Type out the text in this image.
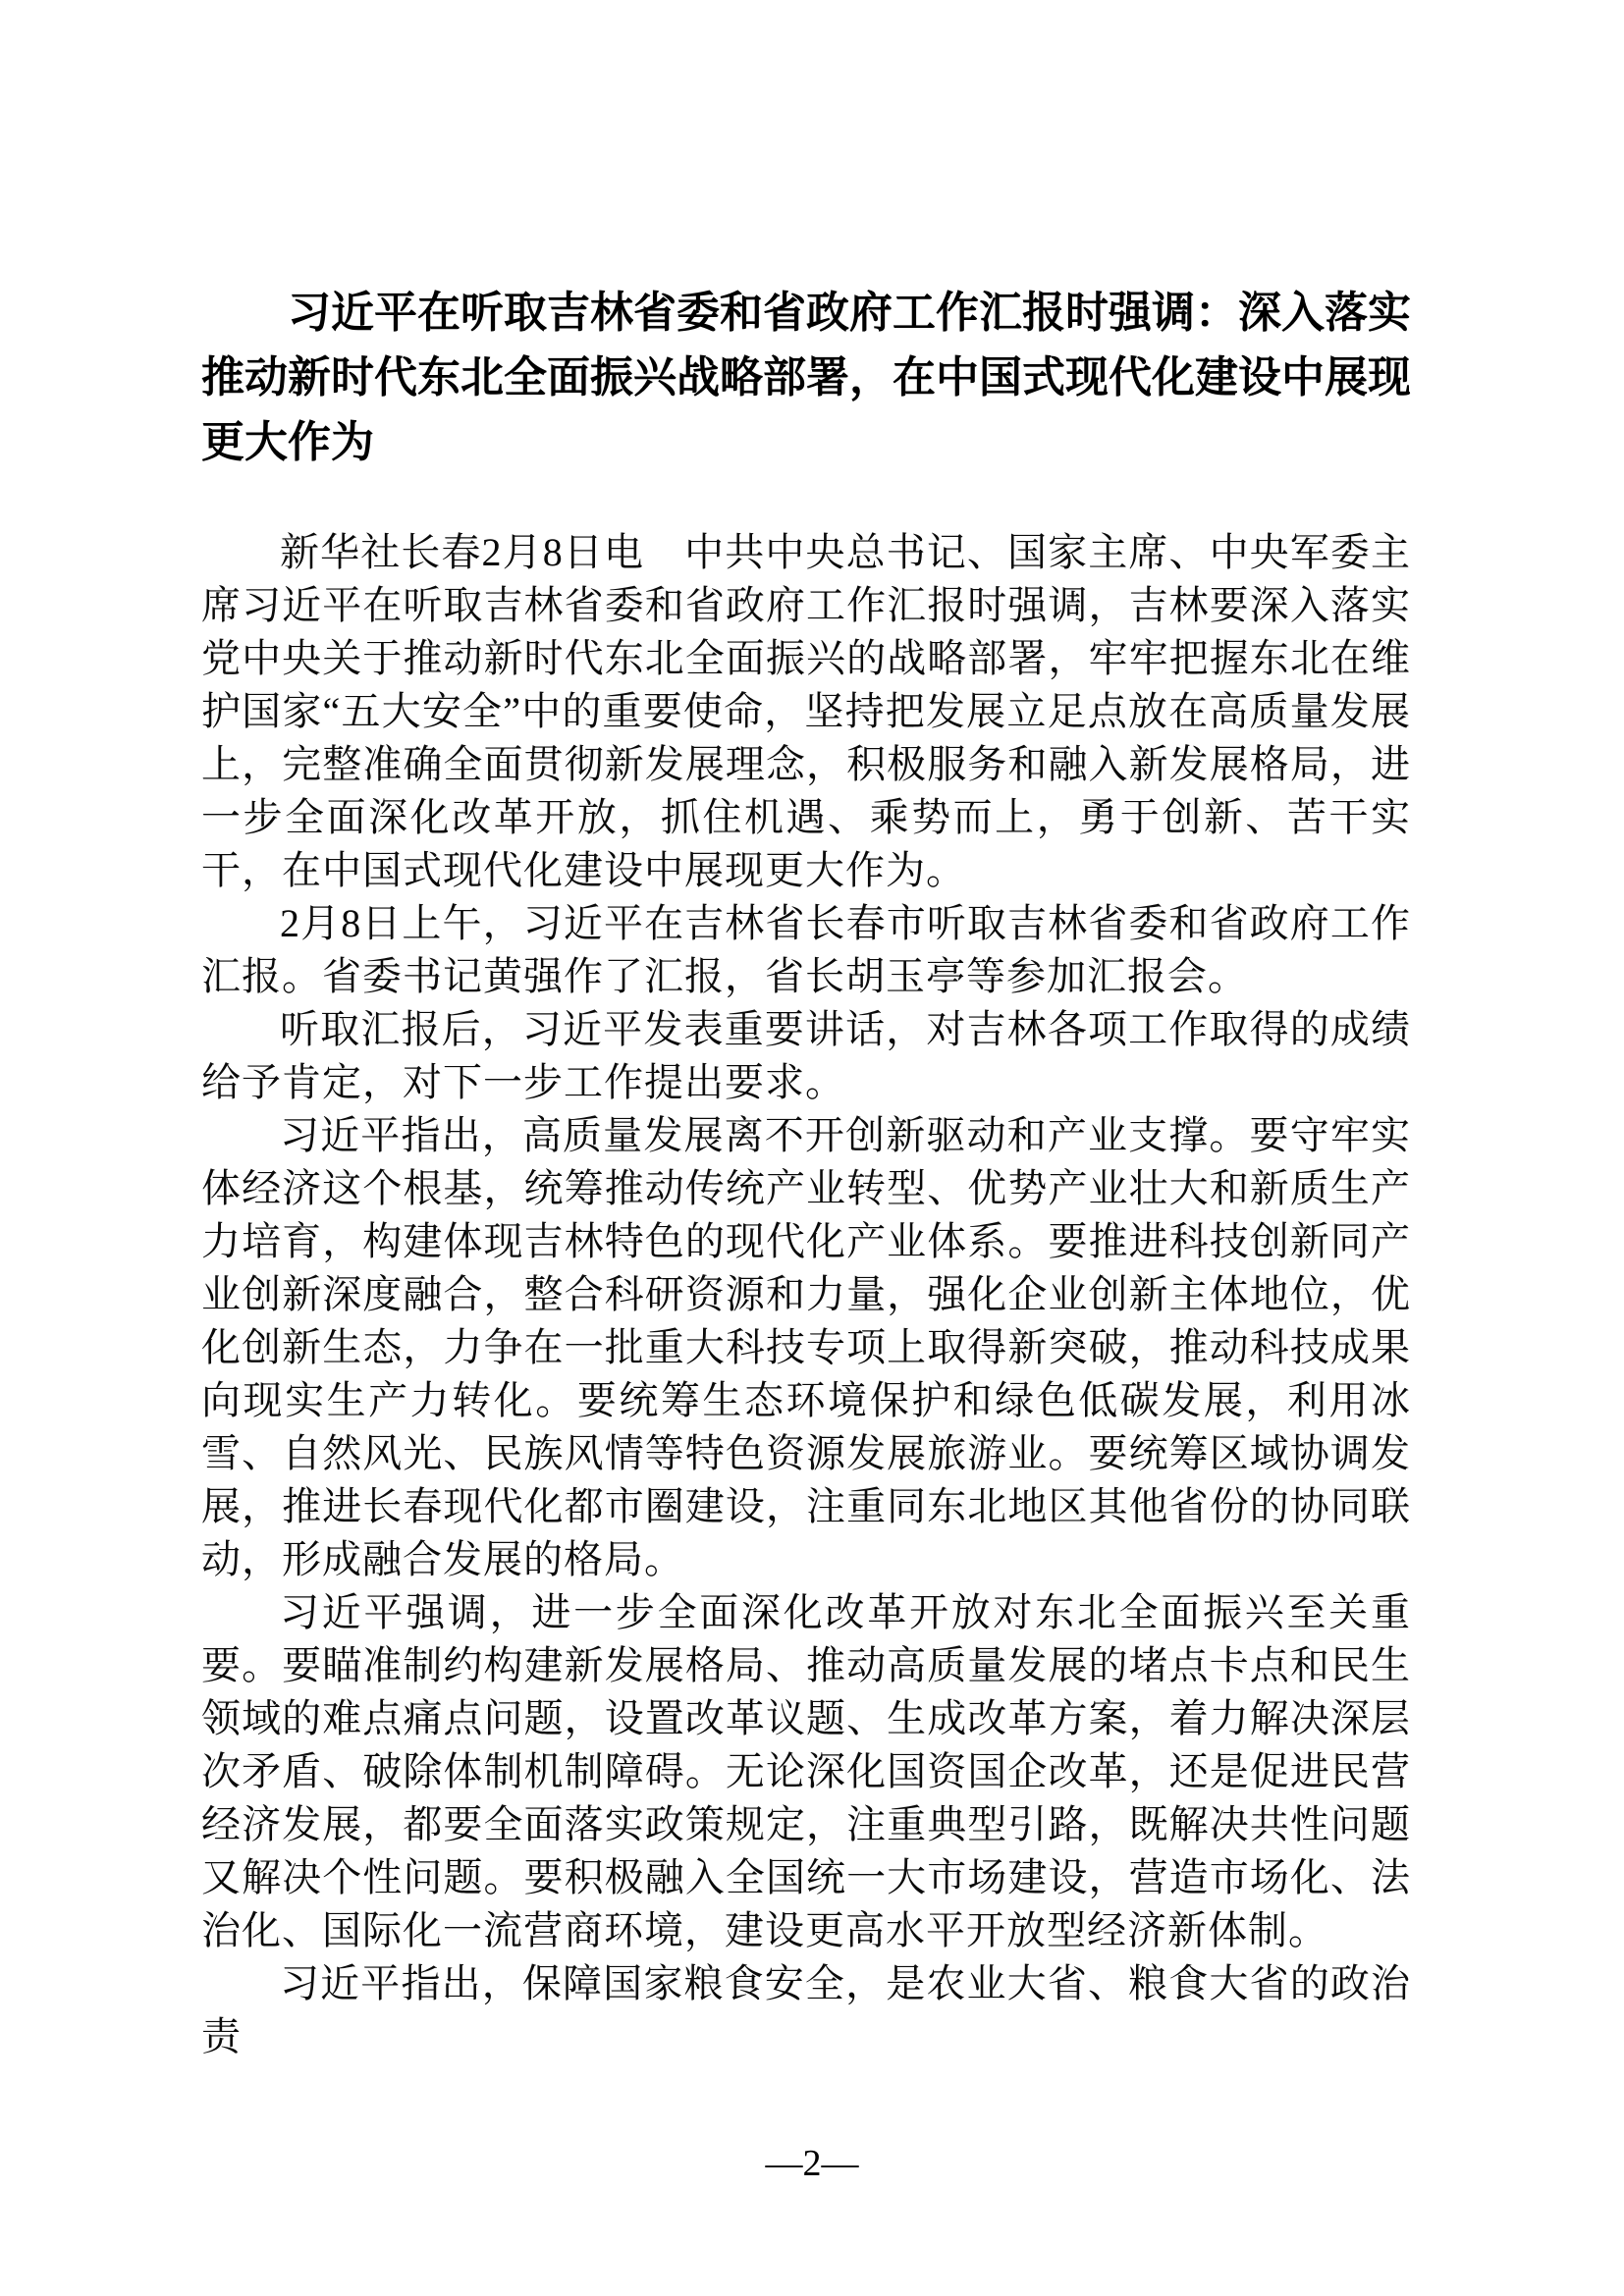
习近平在听取吉林省委和省政府工作汇报时强调：深入落实推动新时代东北全面振兴战略部署，在中国式现代化建设中展现更大作为

新华社长春2月8日电　中共中央总书记、国家主席、中央军委主席习近平在听取吉林省委和省政府工作汇报时强调，吉林要深入落实党中央关于推动新时代东北全面振兴的战略部署，牢牢把握东北在维护国家“五大安全”中的重要使命，坚持把发展立足点放在高质量发展上，完整准确全面贯彻新发展理念，积极服务和融入新发展格局，进一步全面深化改革开放，抓住机遇、乘势而上，勇于创新、苦干实干，在中国式现代化建设中展现更大作为。

2月8日上午，习近平在吉林省长春市听取吉林省委和省政府工作汇报。省委书记黄强作了汇报，省长胡玉亭等参加汇报会。

听取汇报后，习近平发表重要讲话，对吉林各项工作取得的成绩给予肯定，对下一步工作提出要求。

习近平指出，高质量发展离不开创新驱动和产业支撑。要守牢实体经济这个根基，统筹推动传统产业转型、优势产业壮大和新质生产力培育，构建体现吉林特色的现代化产业体系。要推进科技创新同产业创新深度融合，整合科研资源和力量，强化企业创新主体地位，优化创新生态，力争在一批重大科技专项上取得新突破，推动科技成果向现实生产力转化。要统筹生态环境保护和绿色低碳发展，利用冰雪、自然风光、民族风情等特色资源发展旅游业。要统筹区域协调发展，推进长春现代化都市圈建设，注重同东北地区其他省份的协同联动，形成融合发展的格局。

习近平强调，进一步全面深化改革开放对东北全面振兴至关重要。要瞄准制约构建新发展格局、推动高质量发展的堵点卡点和民生领域的难点痛点问题，设置改革议题、生成改革方案，着力解决深层次矛盾、破除体制机制障碍。无论深化国资国企改革，还是促进民营经济发展，都要全面落实政策规定，注重典型引路，既解决共性问题又解决个性问题。要积极融入全国统一大市场建设，营造市场化、法治化、国际化一流营商环境，建设更高水平开放型经济新体制。

习近平指出，保障国家粮食安全，是农业大省、粮食大省的政治责

—2—
